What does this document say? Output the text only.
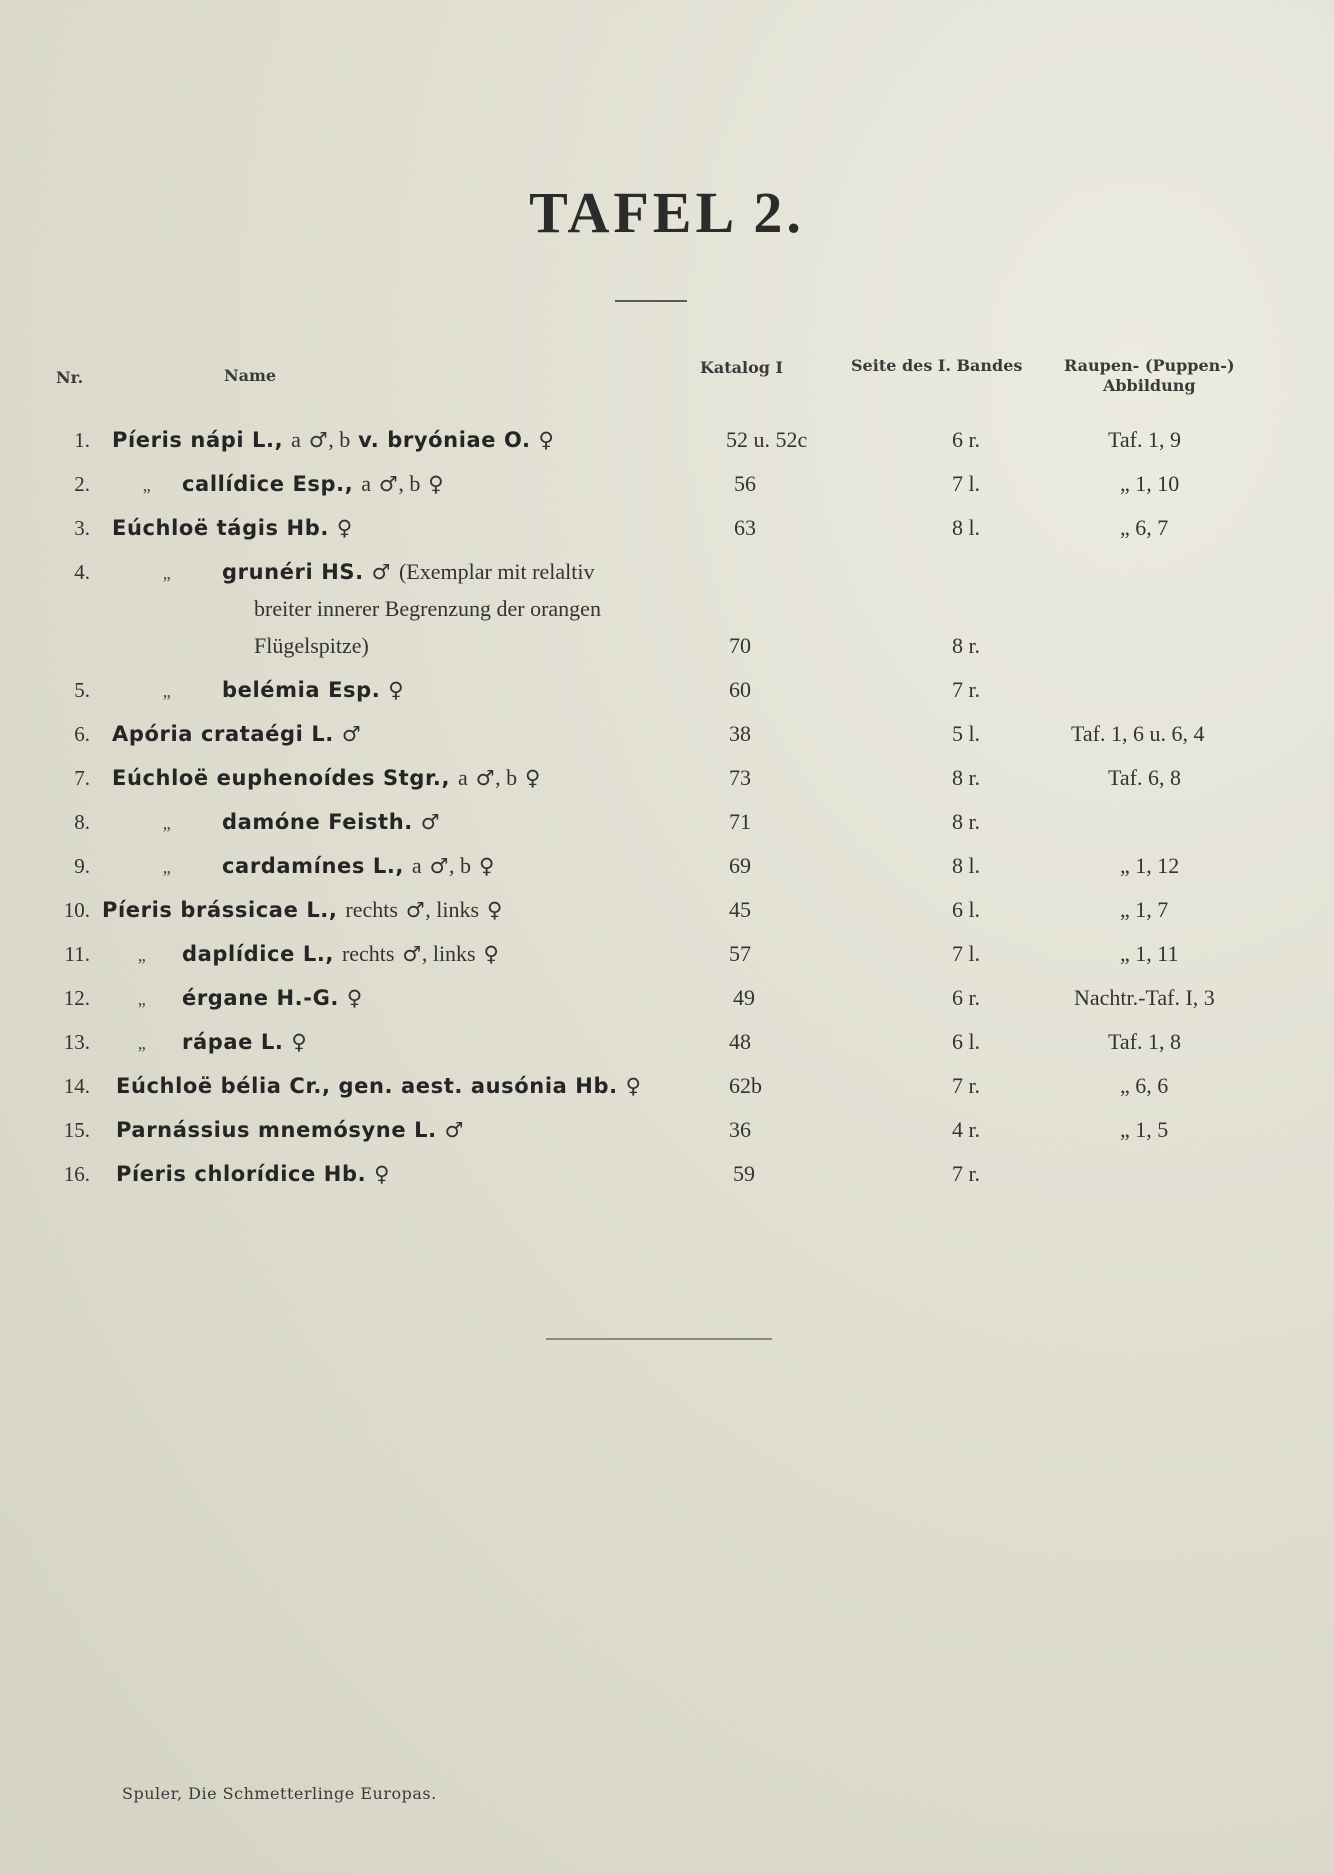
TAFEL 2.
Nr.	Name	Katalog I	Seite des I. Bandes	Raupen- (Puppen-)
Abbildung
1. Píeris nápi L., a ♂, b v. bryóniae O. ♀	52 u. 52c	6 r.	Taf. 1, 9
2.	„ callídice Esp., a ♂, b ♀	56	7 l.	„ 1, 10
3. Eúchloë tágis Hb. ♀	63	8 l.	„ 6, 7
4.	„ grunéri HS. ♂ (Exemplar mit relaltiv
breiter innerer Begrenzung der orangen
Flügelspitze)	70	8 r.
5.	„ belémia Esp. ♀	60	7 r.
6. Apória crataégi L. ♂	38	5 l.	Taf. 1, 6 u. 6, 4
7. Eúchloë euphenoídes Stgr., a ♂, b ♀	73	8 r.	Taf. 6, 8
8.	„ damóne Feisth. ♂	71	8 r.
9.	„ cardamínes L., a ♂, b ♀	69	8 l.	„ 1, 12
10. Píeris brássicae L., rechts ♂, links ♀	45	6 l.	„ 1, 7
11.	„ daplídice L., rechts ♂, links ♀	57	7 l.	„ 1, 11
12.	„ érgane H.-G. ♀	49	6 r.	Nachtr.-Taf. I, 3
13.	„ rápae L. ♀	48	6 l.	Taf. 1, 8
14. Eúchloë bélia Cr., gen. aest. ausónia Hb. ♀	62b	7 r.	„ 6, 6
15. Parnássius mnemósyne L. ♂	36	4 r.	„ 1, 5
16. Píeris chlorídice Hb. ♀	59	7 r.
Spuler, Die Schmetterlinge Europas.
